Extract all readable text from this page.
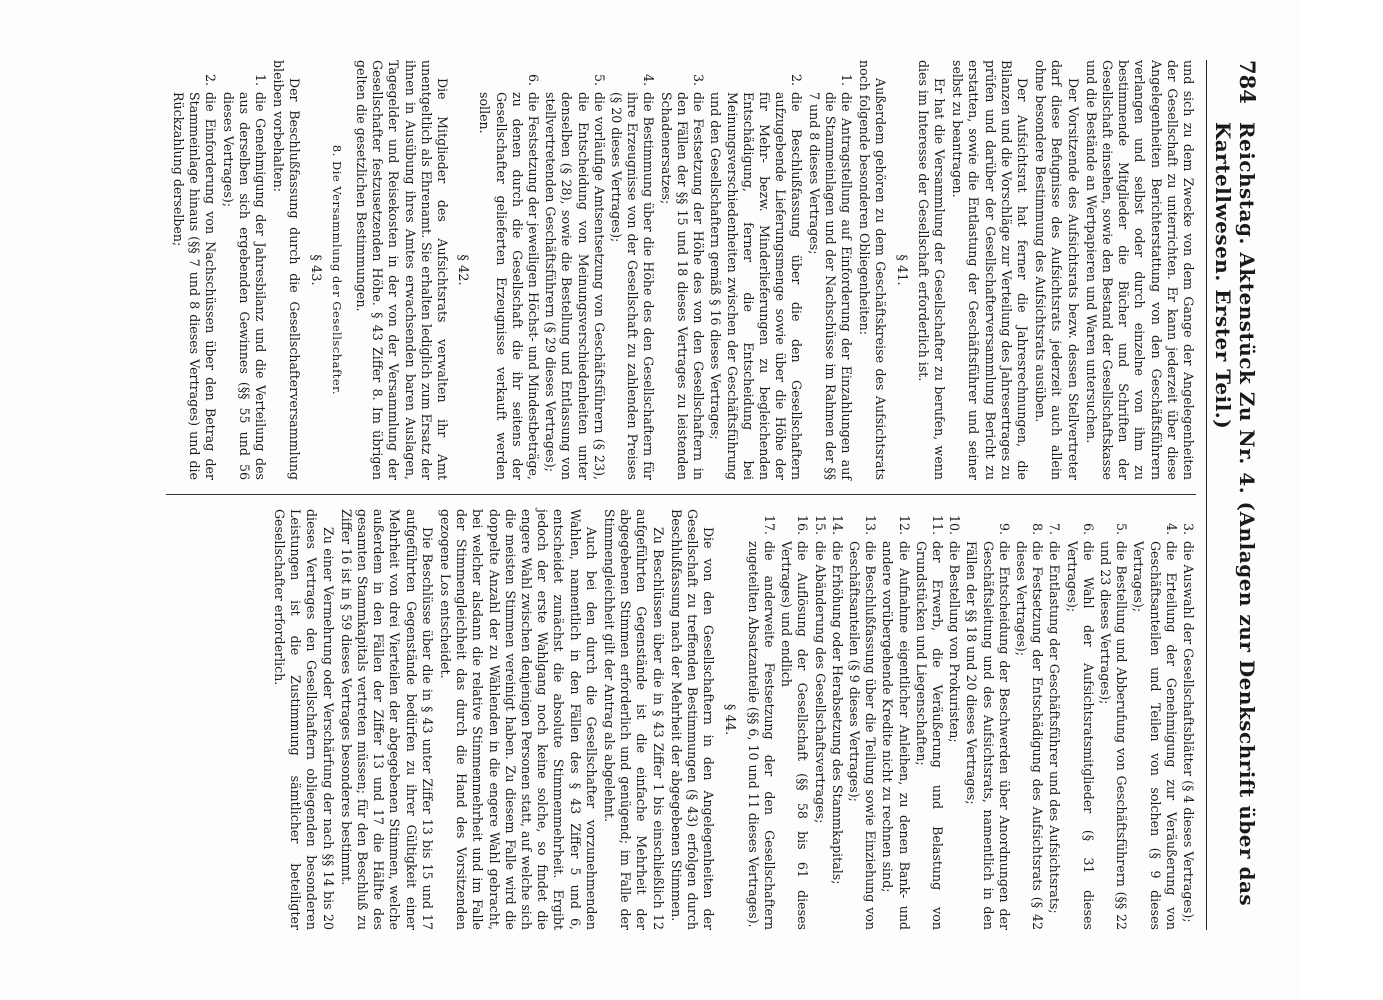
784
Reichstag. Aktenstück Zu Nr. 4. (Anlagen zur Denkschrift über das Kartellwesen. Erster Teil.)

und sich zu dem Zwecke von dem Gange der Angelegenheiten der Gesellschaft zu unterrichten. Er kann jederzeit über diese Angelegenheiten Berichterstattung von den Geschäftsführern verlangen und selbst oder durch einzelne von ihm zu bestimmende Mitglieder die Bücher und Schriften der Gesellschaft einsehen, sowie den Bestand der Gesellschaftskasse und die Bestände an Wertpapieren und Waren untersuchen.

Der Vorsitzende des Aufsichtsrats bezw. dessen Stellvertreter darf diese Befugnisse des Aufsichtsrats jederzeit auch allein ohne besondere Bestimmung des Aufsichtsrats ausüben.

Der Aufsichtsrat hat ferner die Jahresrechnungen, die Bilanzen und die Vorschläge zur Verteilung des Jahresertrages zu prüfen und darüber der Gesellschafterversammlung Bericht zu erstatten, sowie die Entlastung der Geschäftsführer und seiner selbst zu beantragen.

Er hat die Versammlung der Gesellschafter zu berufen, wenn dies im Interesse der Gesellschaft erforderlich ist.

§ 41.

Außerdem gehören zu dem Geschäftskreise des Aufsichtsrats noch folgende besonderen Obliegenheiten:

1.
die Antragstellung auf Einforderung der Einzahlungen auf die Stammeinlagen und der Nachschüsse im Rahmen der §§ 7 und 8 dieses Vertrages;
2.
die Beschlußfassung über die den Gesellschaftern aufzugebende Lieferungsmenge sowie über die Höhe der für Mehr- bezw. Minderlieferungen zu begleichenden Entschädigung, ferner die Entscheidung bei Meinungsverschiedenheiten zwischen der Geschäftsführung und den Gesellschaftern gemäß § 16 dieses Vertrages;
3.
die Festsetzung der Höhe des von den Gesellschaftern in den Fällen der §§ 15 und 18 dieses Vertrages zu leistenden Schadenersatzes;
4.
die Bestimmung über die Höhe des den Gesellschaftern für ihre Erzeugnisse von der Gesellschaft zu zahlenden Preises (§ 20 dieses Vertrages);
5.
die vorläufige Amtsentsetzung von Geschäftsführern (§ 23), die Entscheidung von Meinungsverschiedenheiten unter denselben (§ 28), sowie die Bestellung und Entlassung von stellvertretenden Geschäftsführern (§ 29 dieses Vertrages);
6.
die Festsetzung der jeweiligen Höchst- und Mindestbeträge, zu denen durch die Gesellschaft die ihr seitens der Gesellschafter gelieferten Erzeugnisse verkauft werden sollen.
§ 42.

Die Mitglieder des Aufsichtsrats verwalten ihr Amt unentgeltlich als Ehrenamt. Sie erhalten lediglich zum Ersatz der ihnen in Ausübung ihres Amtes erwachsenden baren Auslagen, Tagegelder und Reisekosten in der von der Versammlung der Gesellschafter festzusetzenden Höhe. § 43 Ziffer 8. Im übrigen gelten die gesetzlichen Bestimmungen.

8. Die Versammlung der Gesellschafter.
§ 43.

Der Beschlußfassung durch die Gesellschafterversammlung bleiben vorbehalten:

1.
die Genehmigung der Jahresbilanz und die Verteilung des aus derselben sich ergebenden Gewinnes (§§ 55 und 56 dieses Vertrages);
2.
die Einforderung von Nachschüssen über den Betrag der Stammeinlage hinaus (§§ 7 und 8 dieses Vertrages) und die Rückzahlung derselben;
3.
die Auswahl der Gesellschaftsblätter (§ 4 dieses Vertrages);
4.
die Erteilung der Genehmigung zur Veräußerung von Geschäftsanteilen und Teilen von solchen (§ 9 dieses Vertrages);
5.
die Bestellung und Abberufung von Geschäftsführern (§§ 22 und 23 dieses Vertrages);
6.
die Wahl der Aufsichtsratsmitglieder (§ 31 dieses Vertrages);
7.
die Entlastung der Geschäftsführer und des Aufsichtsrats;
8.
die Festsetzung der Entschädigung des Aufsichtsrats (§ 42 dieses Vertrages);
9.
die Entscheidung der Beschwerden über Anordnungen der Geschäftsleitung und des Aufsichtsrats, namentlich in den Fällen der §§ 18 und 20 dieses Vertrages;
10.
die Bestellung von Prokuristen;
11.
der Erwerb, die Veräußerung und Belastung von Grundstücken und Liegenschaften;
12.
die Aufnahme eigentlicher Anleihen, zu denen Bank- und andere vorübergehende Kredite nicht zu rechnen sind;
13.
die Beschlußfassung über die Teilung sowie Einziehung von Geschäftsanteilen (§ 9 dieses Vertrages);
14.
die Erhöhung oder Herabsetzung des Stammkapitals;
15.
die Abänderung des Gesellschaftsvertrages;
16.
die Auflösung der Gesellschaft (§§ 58 bis 61 dieses Vertrages) und endlich
17.
die anderweite Festsetzung der den Gesellschaftern zugeteilten Absatzanteile (§§ 6, 10 und 11 dieses Vertrages).
§ 44.

Die von den Gesellschaftern in den Angelegenheiten der Gesellschaft zu treffenden Bestimmungen (§ 43) erfolgen durch Beschlußfassung nach der Mehrheit der abgegebenen Stimmen.

Zu Beschlüssen über die in § 43 Ziffer 1 bis einschließlich 12 aufgeführten Gegenstände ist die einfache Mehrheit der abgegebenen Stimmen erforderlich und genügend; im Falle der Stimmengleichheit gilt der Antrag als abgelehnt.

Auch bei den durch die Gesellschafter vorzunehmenden Wahlen, namentlich in den Fällen des § 43 Ziffer 5 und 6, entscheidet zunächst die absolute Stimmenmehrheit. Ergibt jedoch der erste Wahlgang noch keine solche, so findet die engere Wahl zwischen denjenigen Personen statt, auf welche sich die meisten Stimmen vereinigt haben. Zu diesem Falle wird die doppelte Anzahl der zu Wählenden in die engere Wahl gebracht, bei welcher alsdann die relative Stimmenmehrheit und im Falle der Stimmengleichheit das durch die Hand des Vorsitzenden gezogene Los entscheidet.

Die Beschlüsse über die in § 43 unter Ziffer 13 bis 15 und 17 aufgeführten Gegenstände bedürfen zu ihrer Gültigkeit einer Mehrheit von drei Vierteilen der abgegebenen Stimmen, welche außerdem in den Fällen der Ziffer 13 und 17 die Hälfte des gesamten Stammkapitals vertreten müssen; für den Beschluß zu Ziffer 16 ist in § 59 dieses Vertrages besonderes bestimmt.

Zu einer Vermehrung oder Verschärfung der nach §§ 14 bis 20 dieses Vertrages den Gesellschaftern obliegenden besonderen Leistungen ist die Zustimmung sämtlicher beteiligter Gesellschafter erforderlich.
